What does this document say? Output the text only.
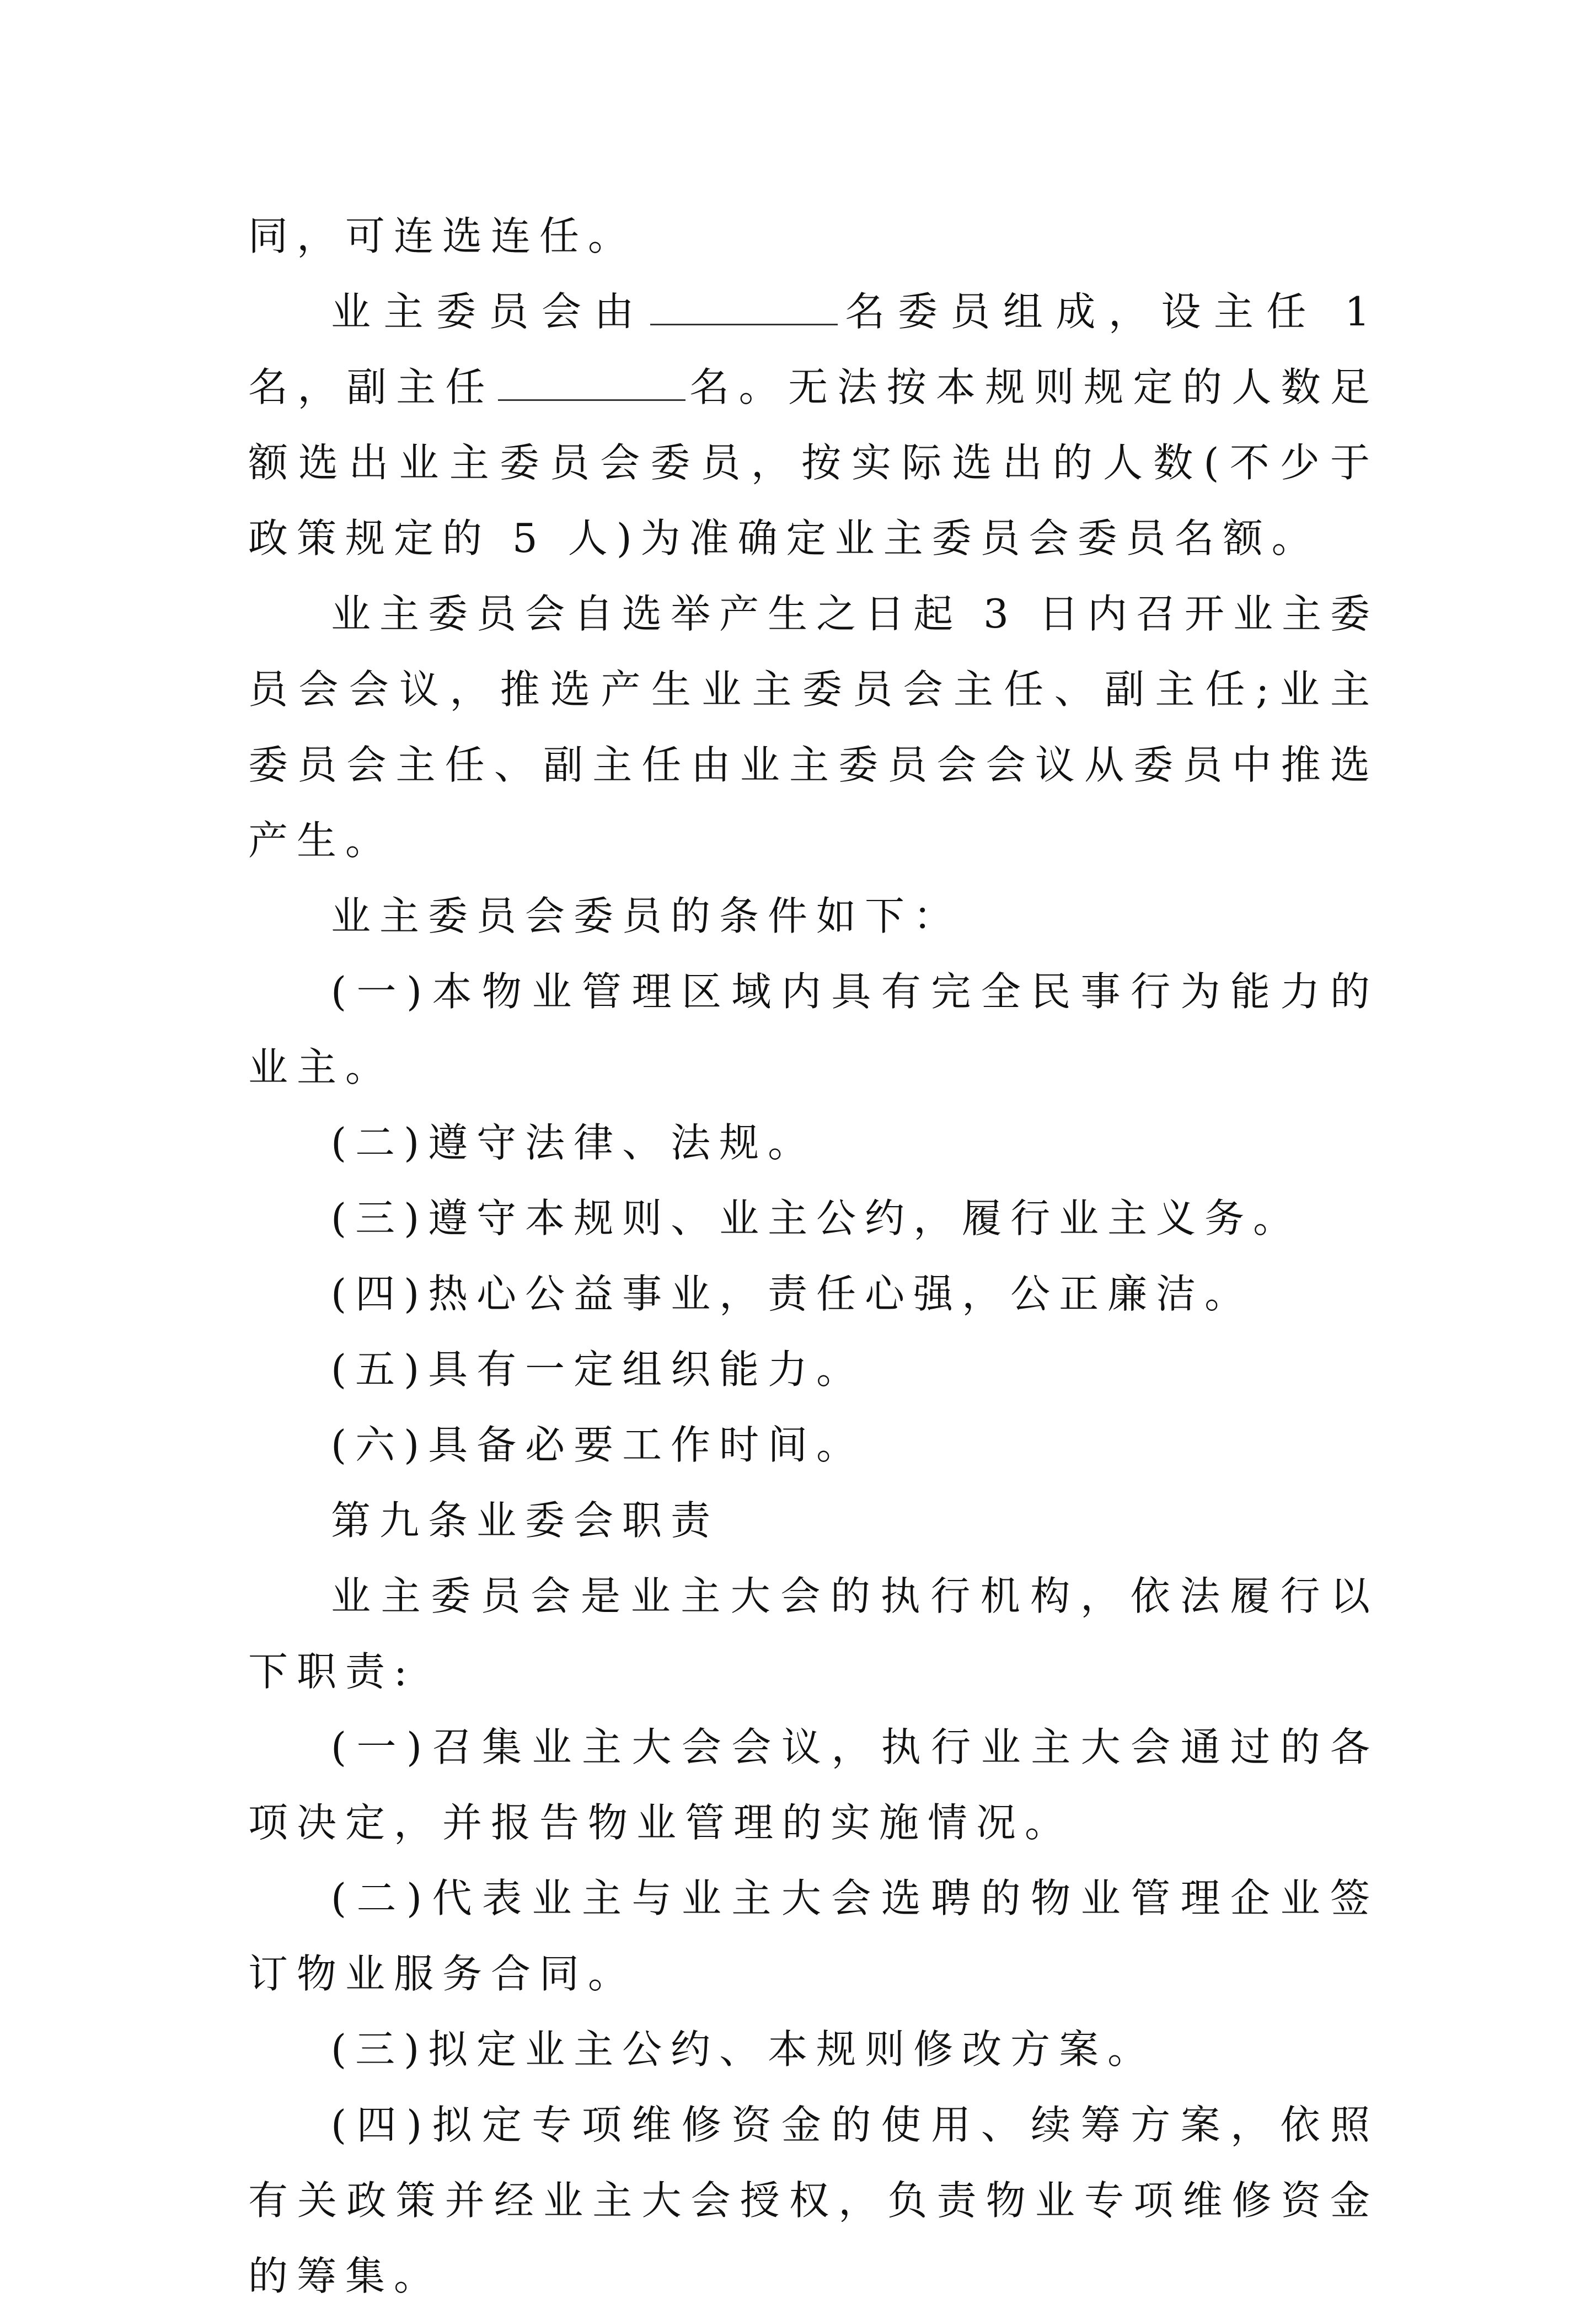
同，可连选连任。

业主委员会由	名委员组成，设主任 1 名，副主任	名。无法按本规则规定的人数足额选出业主委员会委员，按实际选出的人数(不少于政策规定的 5 人)为准确定业主委员会委员名额。

业主委员会自选举产生之日起 3 日内召开业主委员会会议，推选产生业主委员会主任、副主任;业主委员会主任、副主任由业主委员会会议从委员中推选产生。

业主委员会委员的条件如下：

(一)本物业管理区域内具有完全民事行为能力的业主。

(二)遵守法律、法规。

(三)遵守本规则、业主公约，履行业主义务。

(四)热心公益事业，责任心强，公正廉洁。

(五)具有一定组织能力。

(六)具备必要工作时间。

第九条业委会职责

业主委员会是业主大会的执行机构，依法履行以下职责:

(一)召集业主大会会议，执行业主大会通过的各项决定，并报告物业管理的实施情况。

(二)代表业主与业主大会选聘的物业管理企业签订物业服务合同。

(三)拟定业主公约、本规则修改方案。

(四)拟定专项维修资金的使用、续筹方案，依照有关政策并经业主大会授权，负责物业专项维修资金的筹集。
